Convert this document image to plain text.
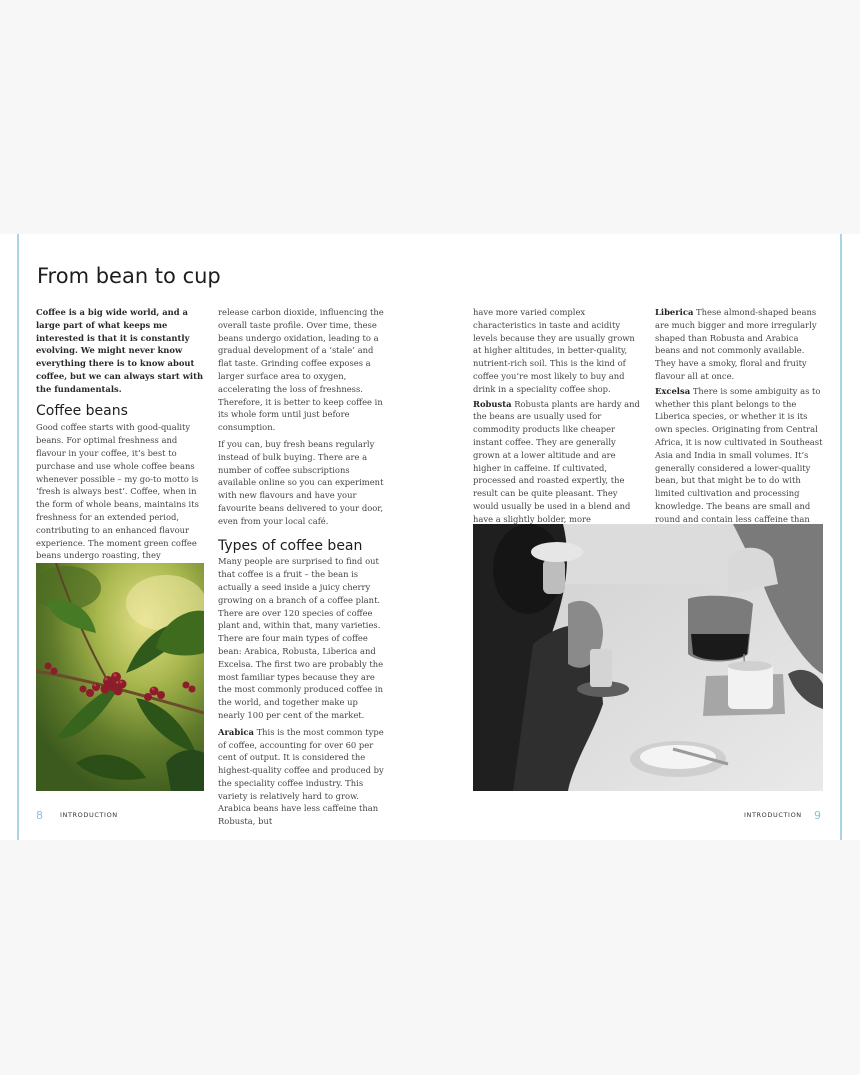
From bean to cup

Coffee is a big wide world, and a large part of what keeps me interested is that it is constantly evolving. We might never know everything there is to know about coffee, but we can always start with the fundamentals.

Coffee beans

Good coffee starts with good-quality beans. For optimal freshness and flavour in your coffee, it’s best to purchase and use whole coffee beans whenever possible – my go-to motto is ‘fresh is always best’. Coffee, when in the form of whole beans, maintains its freshness for an extended period, contributing to an enhanced flavour experience. The moment green coffee beans undergo roasting, they

release carbon dioxide, influencing the overall taste profile. Over time, these beans undergo oxidation, leading to a gradual development of a ‘stale’ and flat taste. Grinding coffee exposes a larger surface area to oxygen, accelerating the loss of freshness. Therefore, it is better to keep coffee in its whole form until just before consumption.

If you can, buy fresh beans regularly instead of bulk buying. There are a number of coffee subscriptions available online so you can experiment with new flavours and have your favourite beans delivered to your door, even from your local café.

Types of coffee bean

Many people are surprised to find out that coffee is a fruit – the bean is actually a seed inside a juicy cherry growing on a branch of a coffee plant. There are over 120 species of coffee plant and, within that, many varieties. There are four main types of coffee bean: Arabica, Robusta, Liberica and Excelsa. The first two are probably the most familiar types because they are the most commonly produced coffee in the world, and together make up nearly 100 per cent of the market.

Arabica This is the most common type of coffee, accounting for over 60 per cent of output. It is considered the highest-quality coffee and produced by the speciality coffee industry. This variety is relatively hard to grow. Arabica beans have less caffeine than Robusta, but

have more varied complex characteristics in taste and acidity levels because they are usually grown at higher altitudes, in better-quality, nutrient-rich soil. This is the kind of coffee you’re most likely to buy and drink in a speciality coffee shop.

Robusta Robusta plants are hardy and the beans are usually used for commodity products like cheaper instant coffee. They are generally grown at a lower altitude and are higher in caffeine. If cultivated, processed and roasted expertly, the result can be quite pleasant. They would usually be used in a blend and have a slightly bolder, more

Liberica These almond-shaped beans are much bigger and more irregularly shaped than Robusta and Arabica beans and not commonly available. They have a smoky, floral and fruity flavour all at once.

Excelsa There is some ambiguity as to whether this plant belongs to the Liberica species, or whether it is its own species. Originating from Central Africa, it is now cultivated in Southeast Asia and India in small volumes. It’s generally considered a lower-quality bean, but that might be to do with limited cultivation and processing knowledge. The beans are small and round and contain less caffeine than

8	INTRODUCTION	INTRODUCTION 9
